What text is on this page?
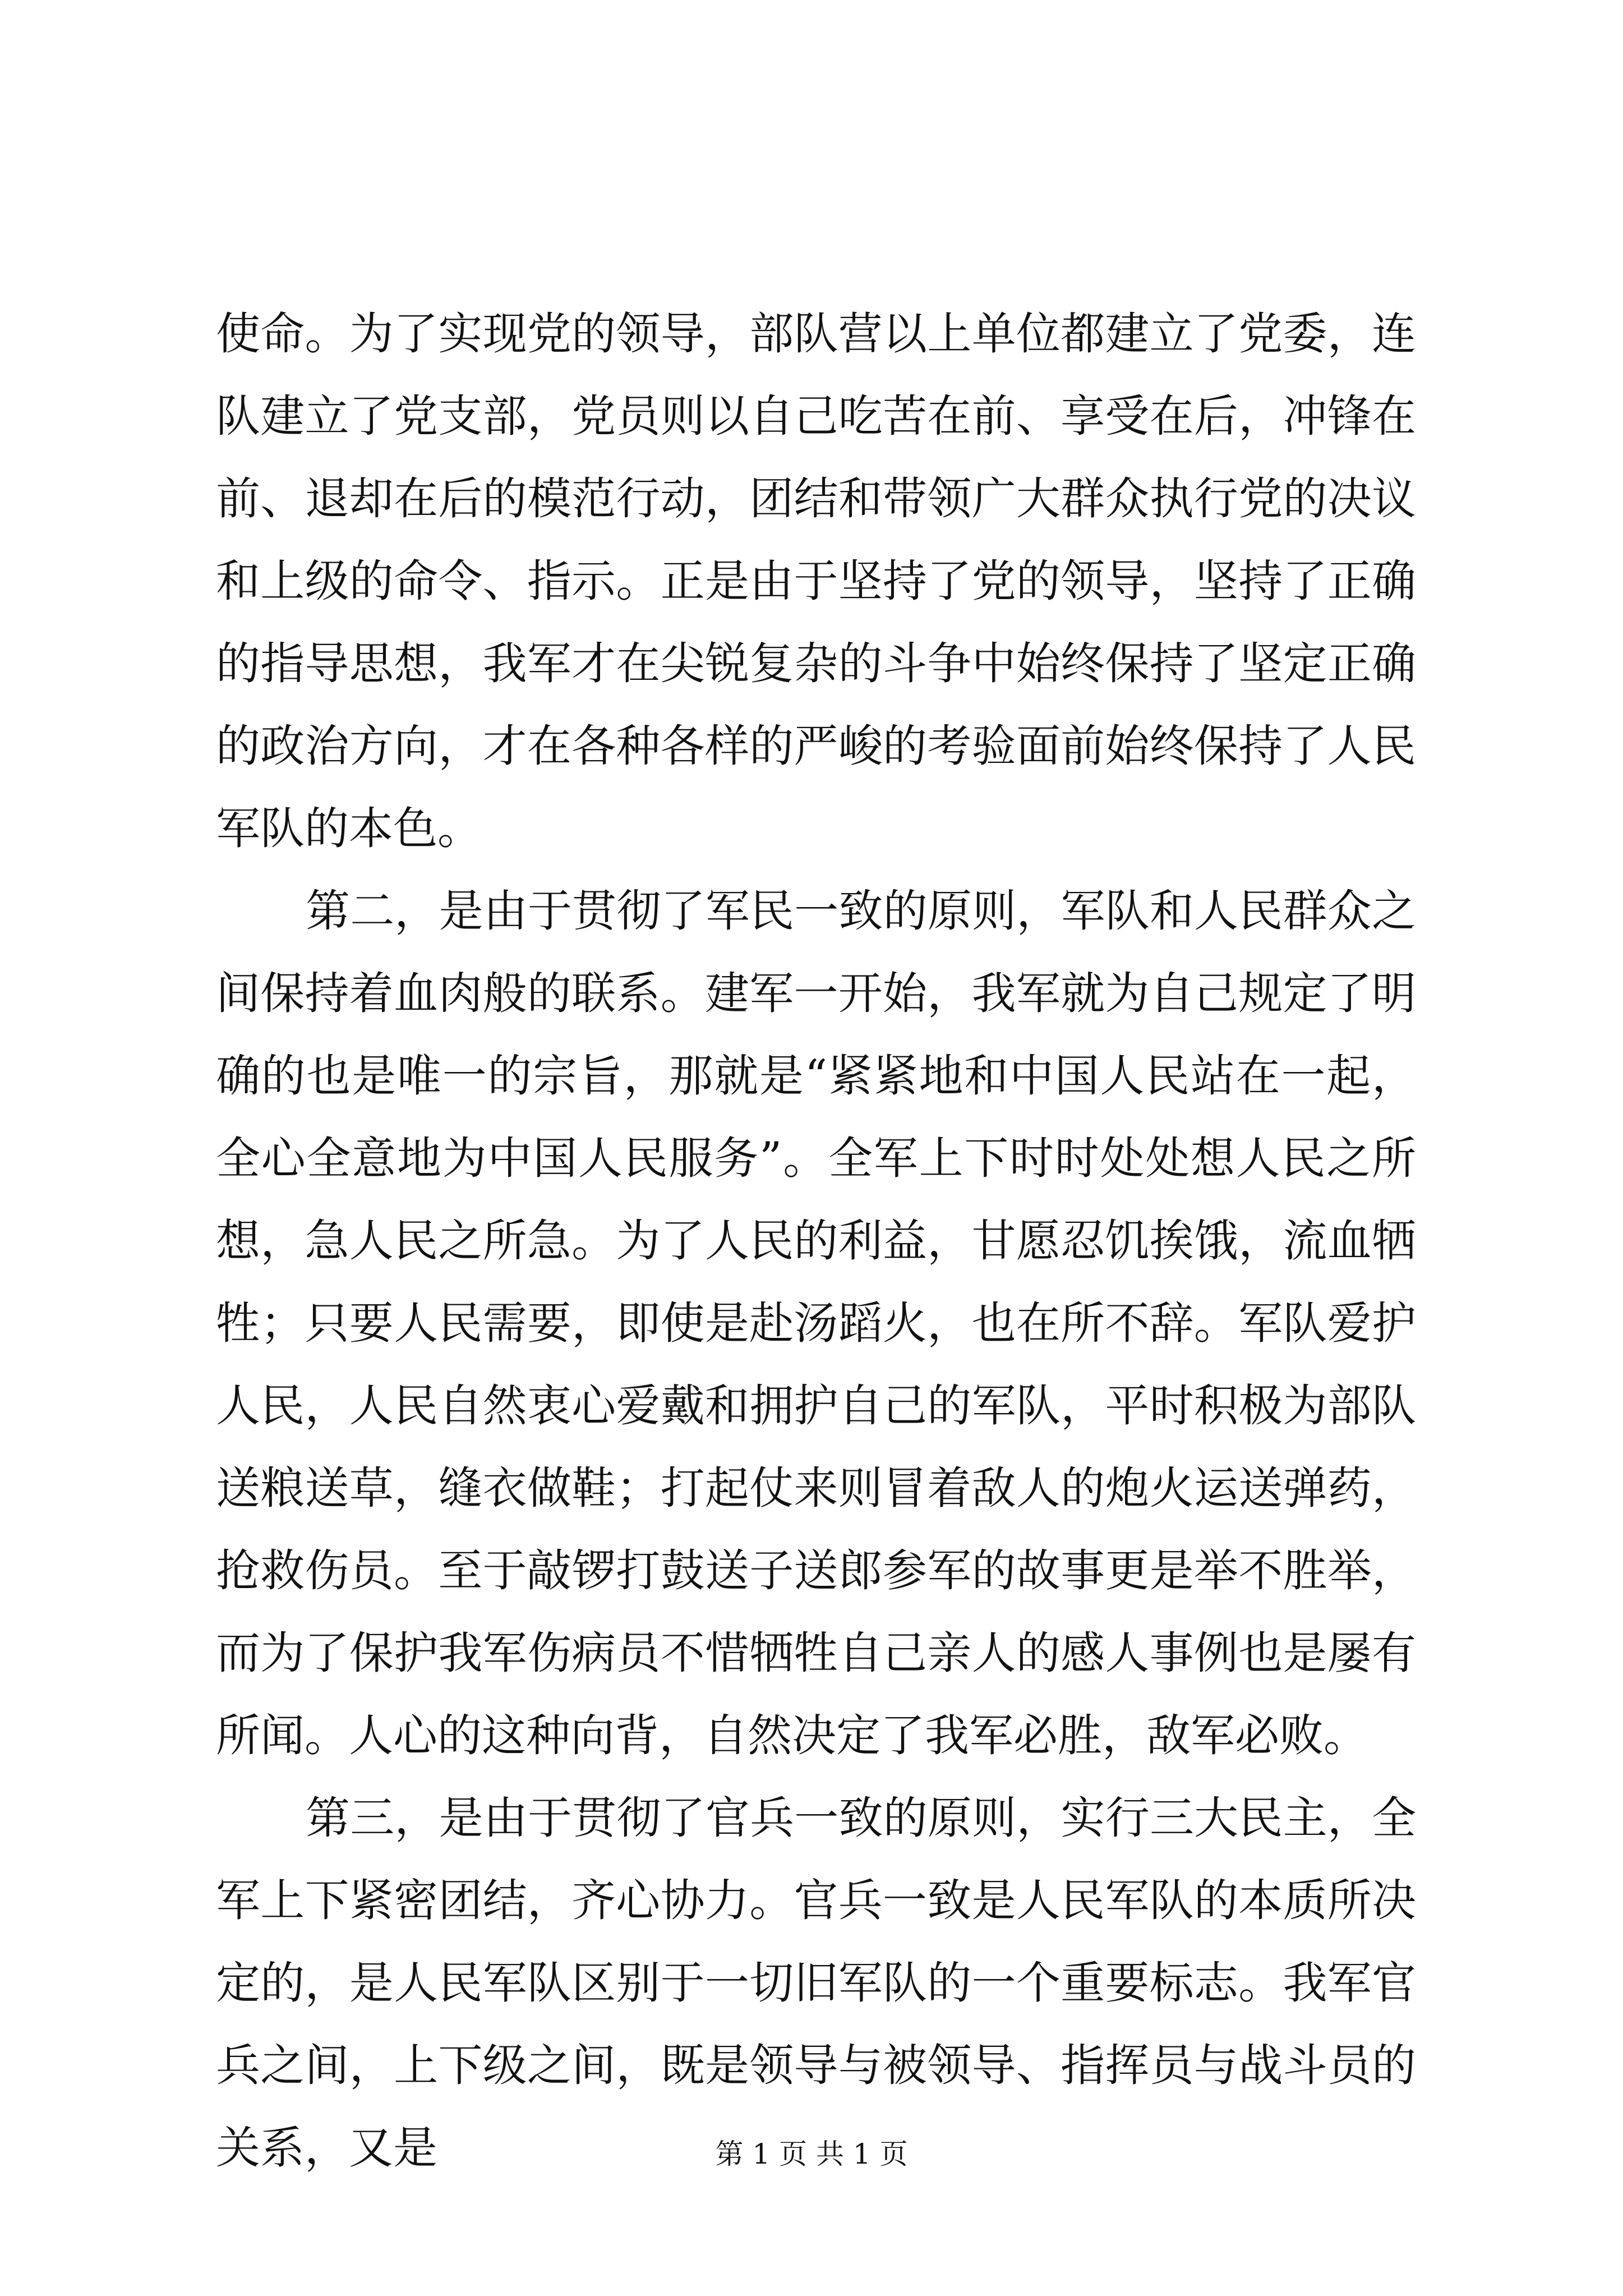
使命。为了实现党的领导，部队营以上单位都建立了党委，连队建立了党支部，党员则以自己吃苦在前、享受在后，冲锋在前、退却在后的模范行动，团结和带领广大群众执行党的决议和上级的命令、指示。正是由于坚持了党的领导，坚持了正确的指导思想，我军才在尖锐复杂的斗争中始终保持了坚定正确的政治方向，才在各种各样的严峻的考验面前始终保持了人民军队的本色。

第二，是由于贯彻了军民一致的原则，军队和人民群众之间保持着血肉般的联系。建军一开始，我军就为自己规定了明确的也是唯一的宗旨，那就是“紧紧地和中国人民站在一起，全心全意地为中国人民服务”。全军上下时时处处想人民之所想，急人民之所急。为了人民的利益，甘愿忍饥挨饿，流血牺牲；只要人民需要，即使是赴汤蹈火，也在所不辞。军队爱护人民，人民自然衷心爱戴和拥护自己的军队，平时积极为部队送粮送草，缝衣做鞋；打起仗来则冒着敌人的炮火运送弹药，抢救伤员。至于敲锣打鼓送子送郎参军的故事更是举不胜举，而为了保护我军伤病员不惜牺牲自己亲人的感人事例也是屡有所闻。人心的这种向背，自然决定了我军必胜，敌军必败。

第三，是由于贯彻了官兵一致的原则，实行三大民主，全军上下紧密团结，齐心协力。官兵一致是人民军队的本质所决定的，是人民军队区别于一切旧军队的一个重要标志。我军官兵之间，上下级之间，既是领导与被领导、指挥员与战斗员的关系，又是	第 1 页 共 1 页
